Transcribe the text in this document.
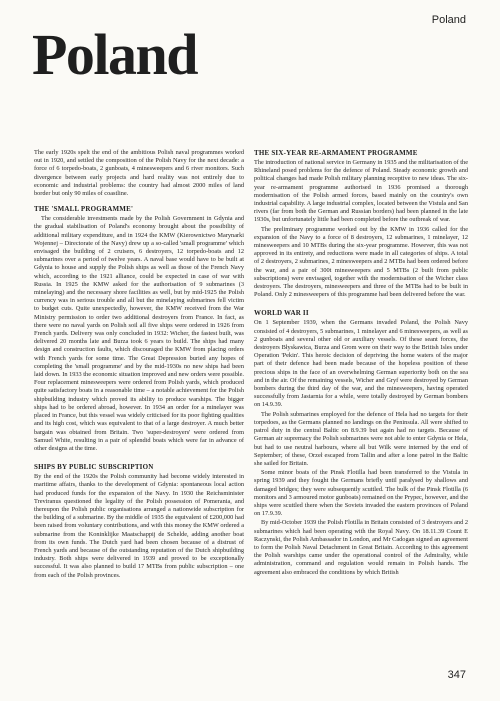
Poland
Poland

The early 1920s spelt the end of the ambitious Polish naval programmes worked out in 1920, and settled the composition of the Polish Navy for the next decade: a force of 6 torpedo-boats, 2 gunboats, 4 minesweepers and 6 river monitors. Such divergence between early projects and hard reality was not entirely due to economic and industrial problems: the country had almost 2000 miles of land border but only 90 miles of coastline.

THE 'SMALL PROGRAMME'

The considerable investments made by the Polish Government in Gdynia and the gradual stabilisation of Poland's economy brought about the possibility of additional military expenditure, and in 1924 the KMW (Kierownictwo Marynarki Wojennej – Directorate of the Navy) drew up a so-called 'small programme' which envisaged the building of 2 cruisers, 6 destroyers, 12 torpedo-boats and 12 submarines over a period of twelve years. A naval base would have to be built at Gdynia to house and supply the Polish ships as well as those of the French Navy which, according to the 1921 alliance, could be expected in case of war with Russia. In 1925 the KMW asked for the authorisation of 9 submarines (3 minelaying) and the necessary shore facilities as well, but by mid-1925 the Polish currency was in serious trouble and all but the minelaying submarines fell victim to budget cuts. Quite unexpectedly, however, the KMW received from the War Ministry permission to order two additional destroyers from France. In fact, as there were no naval yards on Polish soil all five ships were ordered in 1926 from French yards. Delivery was only concluded in 1932: Wicher, the fastest built, was delivered 20 months late and Burza took 6 years to build. The ships had many design and construction faults, which discouraged the KMW from placing orders with French yards for some time. The Great Depression buried any hopes of completing the 'small programme' and by the mid-1930s no new ships had been laid down. In 1933 the economic situation improved and new orders were possible. Four replacement minesweepers were ordered from Polish yards, which produced quite satisfactory boats in a reasonable time – a notable achievement for the Polish shipbuilding industry which proved its ability to produce warships. The bigger ships had to be ordered abroad, however. In 1934 an order for a minelayer was placed in France, but this vessel was widely criticised for its poor fighting qualities and its high cost, which was equivalent to that of a large destroyer. A much better bargain was obtained from Britain. Two 'super-destroyers' were ordered from Samuel White, resulting in a pair of splendid boats which were far in advance of other designs at the time.

SHIPS BY PUBLIC SUBSCRIPTION

By the end of the 1920s the Polish community had become widely interested in maritime affairs, thanks to the development of Gdynia: spontaneous local action had produced funds for the expansion of the Navy. In 1930 the Reichsminister Treviranus questioned the legality of the Polish possession of Pomerania, and thereupon the Polish public organisations arranged a nationwide subscription for the building of a submarine. By the middle of 1935 the equivalent of £200,000 had been raised from voluntary contributions, and with this money the KMW ordered a submarine from the Koninklijke Maatschappij de Schelde, adding another boat from its own funds. The Dutch yard had been chosen because of a distrust of French yards and because of the outstanding reputation of the Dutch shipbuilding industry. Both ships were delivered in 1939 and proved to be exceptionally successful. It was also planned to build 17 MTBs from public subscription – one from each of the Polish provinces.

THE SIX-YEAR RE-ARMAMENT PROGRAMME

The introduction of national service in Germany in 1935 and the militarisation of the Rhineland posed problems for the defence of Poland. Steady economic growth and political changes had made Polish military planning receptive to new ideas. The six-year re-armament programme authorised in 1936 promised a thorough modernisation of the Polish armed forces, based mainly on the country's own industrial capability. A large industrial complex, located between the Vistula and San rivers (far from both the German and Russian borders) had been planned in the late 1930s, but unfortunately little had been completed before the outbreak of war.

The preliminary programme worked out by the KMW in 1936 called for the expansion of the Navy to a force of 8 destroyers, 12 submarines, 1 minelayer, 12 minesweepers and 10 MTBs during the six-year programme. However, this was not approved in its entirety, and reductions were made in all categories of ships. A total of 2 destroyers, 2 submarines, 2 minesweepers and 2 MTBs had been ordered before the war, and a pair of 300t minesweepers and 5 MTBs (2 built from public subscriptions) were envisaged, together with the modernisation of the Wicher class destroyers. The destroyers, minesweepers and three of the MTBs had to be built in Poland. Only 2 minesweepers of this programme had been delivered before the war.

WORLD WAR II

On 1 September 1939, when the Germans invaded Poland, the Polish Navy consisted of 4 destroyers, 5 submarines, 1 minelayer and 6 minesweepers, as well as 2 gunboats and several other old or auxiliary vessels. Of these seant forces, the destroyers Błyskawica, Burza and Grom were on their way to the British Isles under Operation 'Pekin'. This heroic decision of depriving the home waters of the major part of their defence had been made because of the hopeless position of these precious ships in the face of an overwhelming German superiority both on the sea and in the air. Of the remaining vessels, Wicher and Gryf were destroyed by German bombers during the third day of the war, and the minesweepers, having operated successfully from Jastarnia for a while, were totally destroyed by German bombers on 14.9.39.

The Polish submarines employed for the defence of Hela had no targets for their torpedoes, as the Germans planned no landings on the Peninsula. All were shifted to patrol duty in the central Baltic on 8.9.39 but again had no targets. Because of German air supremacy the Polish submarines were not able to enter Gdynia or Hela, but had to use neutral harbours, where all but Wilk were interned by the end of September; of these, Orzeł escaped from Tallin and after a lone patrol in the Baltic she sailed for Britain.

Some minor boats of the Pinsk Flotilla had been transferred to the Vistula in spring 1939 and they fought the Germans briefly until paralysed by shallows and damaged bridges; they were subsequently scuttled. The bulk of the Pinsk Flotilla (6 monitors and 3 armoured motor gunboats) remained on the Prypec, however, and the ships were scuttled there when the Soviets invaded the eastern provinces of Poland on 17.9.39.

By mid-October 1939 the Polish Flotilla in Britain consisted of 3 destroyers and 2 submarines which had been operating with the Royal Navy. On 18.11.39 Count E Raczynski, the Polish Ambassador in London, and Mr Cadogan signed an agreement to form the Polish Naval Detachment in Great Britain. According to this agreement the Polish warships came under the operational control of the Admiralty, while administration, command and regulation would remain in Polish hands. The agreement also embraced the conditions by which British

347
